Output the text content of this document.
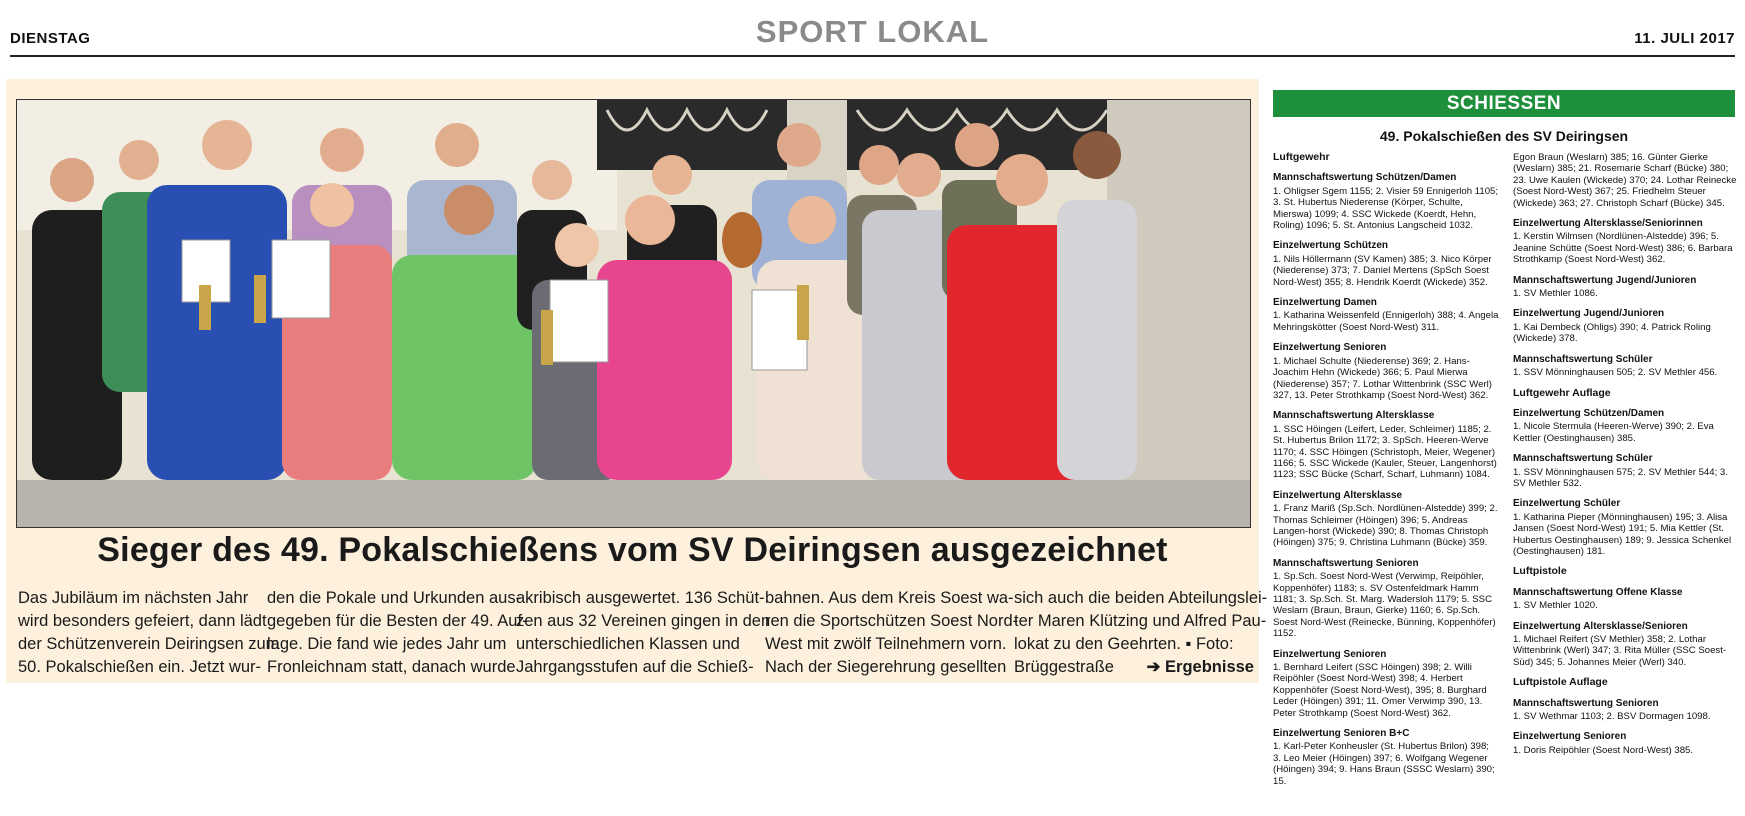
DIENSTAG	SPORT LOKAL	11. JULI 2017
Sieger des 49. Pokalschießens vom SV Deiringsen ausgezeichnet
Das Jubiläum im nächsten Jahr
wird besonders gefeiert, dann lädt
der Schützenverein Deiringsen zum
50. Pokalschießen ein. Jetzt wur-
den die Pokale und Urkunden aus-
gegeben für die Besten der 49. Auf-
lage. Die fand wie jedes Jahr um
Fronleichnam statt, danach wurde
akribisch ausgewertet. 136 Schüt-
zen aus 32 Vereinen gingen in den
unterschiedlichen Klassen und
Jahrgangsstufen auf die Schieß-
bahnen. Aus dem Kreis Soest wa-
ren die Sportschützen Soest Nord-
West mit zwölf Teilnehmern vorn.
Nach der Siegerehrung gesellten
sich auch die beiden Abteilungslei-
ter Maren Klützing und Alfred Pau-
lokat zu den Geehrten. ▪ Foto:
Brüggestraße ➔ Ergebnisse
SCHIESSEN
49. Pokalschießen des SV Deiringsen
Luftgewehr
Mannschaftswertung Schützen/Damen
1. Ohligser Sgem 1155; 2. Visier 59 Ennigerloh 1105; 3. St. Hubertus Niederense (Körper, Schulte, Mierswa) 1099; 4. SSC Wickede (Koerdt, Hehn, Roling) 1096; 5. St. Antonius Langscheid 1032.
Einzelwertung Schützen
1. Nils Höllermann (SV Kamen) 385; 3. Nico Körper (Niederense) 373; 7. Daniel Mertens (SpSch Soest Nord-West) 355; 8. Hendrik Koerdt (Wickede) 352.
Einzelwertung Damen
1. Katharina Weissenfeld (Ennigerloh) 388; 4. Angela Mehringskötter (Soest Nord-West) 311.
Einzelwertung Senioren
1. Michael Schulte (Niederense) 369; 2. Hans-Joachim Hehn (Wickede) 366; 5. Paul Mierwa (Niederense) 357; 7. Lothar Wittenbrink (SSC Werl) 327, 13. Peter Strothkamp (Soest Nord-West) 362.
Mannschaftswertung Altersklasse
1. SSC Höingen (Leifert, Leder, Schleimer) 1185; 2. St. Hubertus Brilon 1172; 3. SpSch. Heeren-Werve 1170; 4. SSC Höingen (Schristoph, Meier, Wegener) 1166; 5. SSC Wickede (Kauler, Steuer, Langenhorst) 1123; SSC Bücke (Scharf, Scharf, Luhmann) 1084.
Einzelwertung Altersklasse
1. Franz Mariß (Sp.Sch. Nordlünen-Alstedde) 399; 2. Thomas Schleimer (Höingen) 396; 5. Andreas Langen-horst (Wickede) 390; 8. Thomas Christoph (Höingen) 375; 9. Christina Luhmann (Bücke) 359.
Mannschaftswertung Senioren
1. Sp.Sch. Soest Nord-West (Verwimp, Reipöhler, Koppenhöfer) 1183; s. SV Ostenfeldmark Hamm 1181; 3. Sp.Sch. St. Marg. Wadersloh 1179; 5. SSC Weslarn (Braun, Braun, Gierke) 1160; 6. Sp.Sch. Soest Nord-West (Reinecke, Bünning, Koppenhöfer) 1152.
Einzelwertung Senioren
1. Bernhard Leifert (SSC Höingen) 398; 2. Willi Reipöhler (Soest Nord-West) 398; 4. Herbert Koppenhöfer (Soest Nord-West), 395; 8. Burghard Leder (Höingen) 391; 11. Omer Verwimp 390, 13. Peter Strothkamp (Soest Nord-West) 362.
Einzelwertung Senioren B+C
1. Karl-Peter Konheusler (St. Hubertus Brilon) 398; 3. Leo Meier (Höingen) 397; 6. Wolfgang Wegener (Höingen) 394; 9. Hans Braun (SSSC Weslarn) 390; 15.
Egon Braun (Weslarn) 385; 16. Günter Gierke (Weslarn) 385; 21. Rosemarie Scharf (Bücke) 380; 23. Uwe Kaulen (Wickede) 370; 24. Lothar Reinecke (Soest Nord-West) 367; 25. Friedhelm Steuer (Wickede) 363; 27. Christoph Scharf (Bücke) 345.
Einzelwertung Altersklasse/Seniorinnen
1. Kerstin Wilmsen (Nordlünen-Alstedde) 396; 5. Jeanine Schütte (Soest Nord-West) 386; 6. Barbara Strothkamp (Soest Nord-West) 362.
Mannschaftswertung Jugend/Junioren
1. SV Methler 1086.
Einzelwertung Jugend/Junioren
1. Kai Dembeck (Ohligs) 390; 4. Patrick Roling (Wickede) 378.
Mannschaftswertung Schüler
1. SSV Mönninghausen 505; 2. SV Methler 456.
Luftgewehr Auflage
Einzelwertung Schützen/Damen
1. Nicole Stermula (Heeren-Werve) 390; 2. Eva Kettler (Oestinghausen) 385.
Mannschaftswertung Schüler
1. SSV Mönninghausen 575; 2. SV Methler 544; 3. SV Methler 532.
Einzelwertung Schüler
1. Katharina Pieper (Mönninghausen) 195; 3. Alisa Jansen (Soest Nord-West) 191; 5. Mia Kettler (St. Hubertus Oestinghausen) 189; 9. Jessica Schenkel (Oestinghausen) 181.
Luftpistole
Mannschaftswertung Offene Klasse
1. SV Methler 1020.
Einzelwertung Altersklasse/Senioren
1. Michael Reifert (SV Methler) 358; 2. Lothar Wittenbrink (Werl) 347; 3. Rita Müller (SSC Soest-Süd) 345; 5. Johannes Meier (Werl) 340.
Luftpistole Auflage
Mannschaftswertung Senioren
1. SV Wethmar 1103; 2. BSV Dormagen 1098.
Einzelwertung Senioren
1. Doris Reipöhler (Soest Nord-West) 385.
